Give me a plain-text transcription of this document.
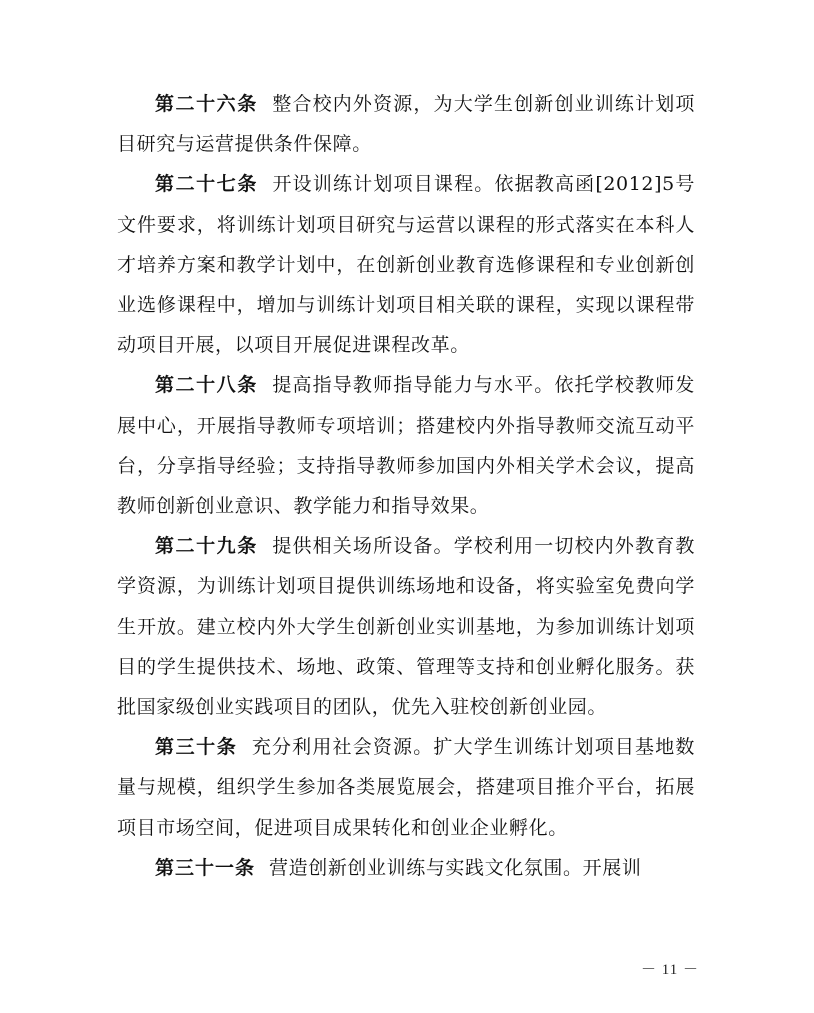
第二十六条 整合校内外资源，为大学生创新创业训练计划项目研究与运营提供条件保障。

第二十七条 开设训练计划项目课程。依据教高函[2012]5号文件要求，将训练计划项目研究与运营以课程的形式落实在本科人才培养方案和教学计划中，在创新创业教育选修课程和专业创新创业选修课程中，增加与训练计划项目相关联的课程，实现以课程带动项目开展，以项目开展促进课程改革。

第二十八条 提高指导教师指导能力与水平。依托学校教师发展中心，开展指导教师专项培训；搭建校内外指导教师交流互动平台，分享指导经验；支持指导教师参加国内外相关学术会议，提高教师创新创业意识、教学能力和指导效果。

第二十九条 提供相关场所设备。学校利用一切校内外教育教学资源，为训练计划项目提供训练场地和设备，将实验室免费向学生开放。建立校内外大学生创新创业实训基地，为参加训练计划项目的学生提供技术、场地、政策、管理等支持和创业孵化服务。获批国家级创业实践项目的团队，优先入驻校创新创业园。

第三十条 充分利用社会资源。扩大学生训练计划项目基地数量与规模，组织学生参加各类展览展会，搭建项目推介平台，拓展项目市场空间，促进项目成果转化和创业企业孵化。

第三十一条 营造创新创业训练与实践文化氛围。开展训

－ 11 －
